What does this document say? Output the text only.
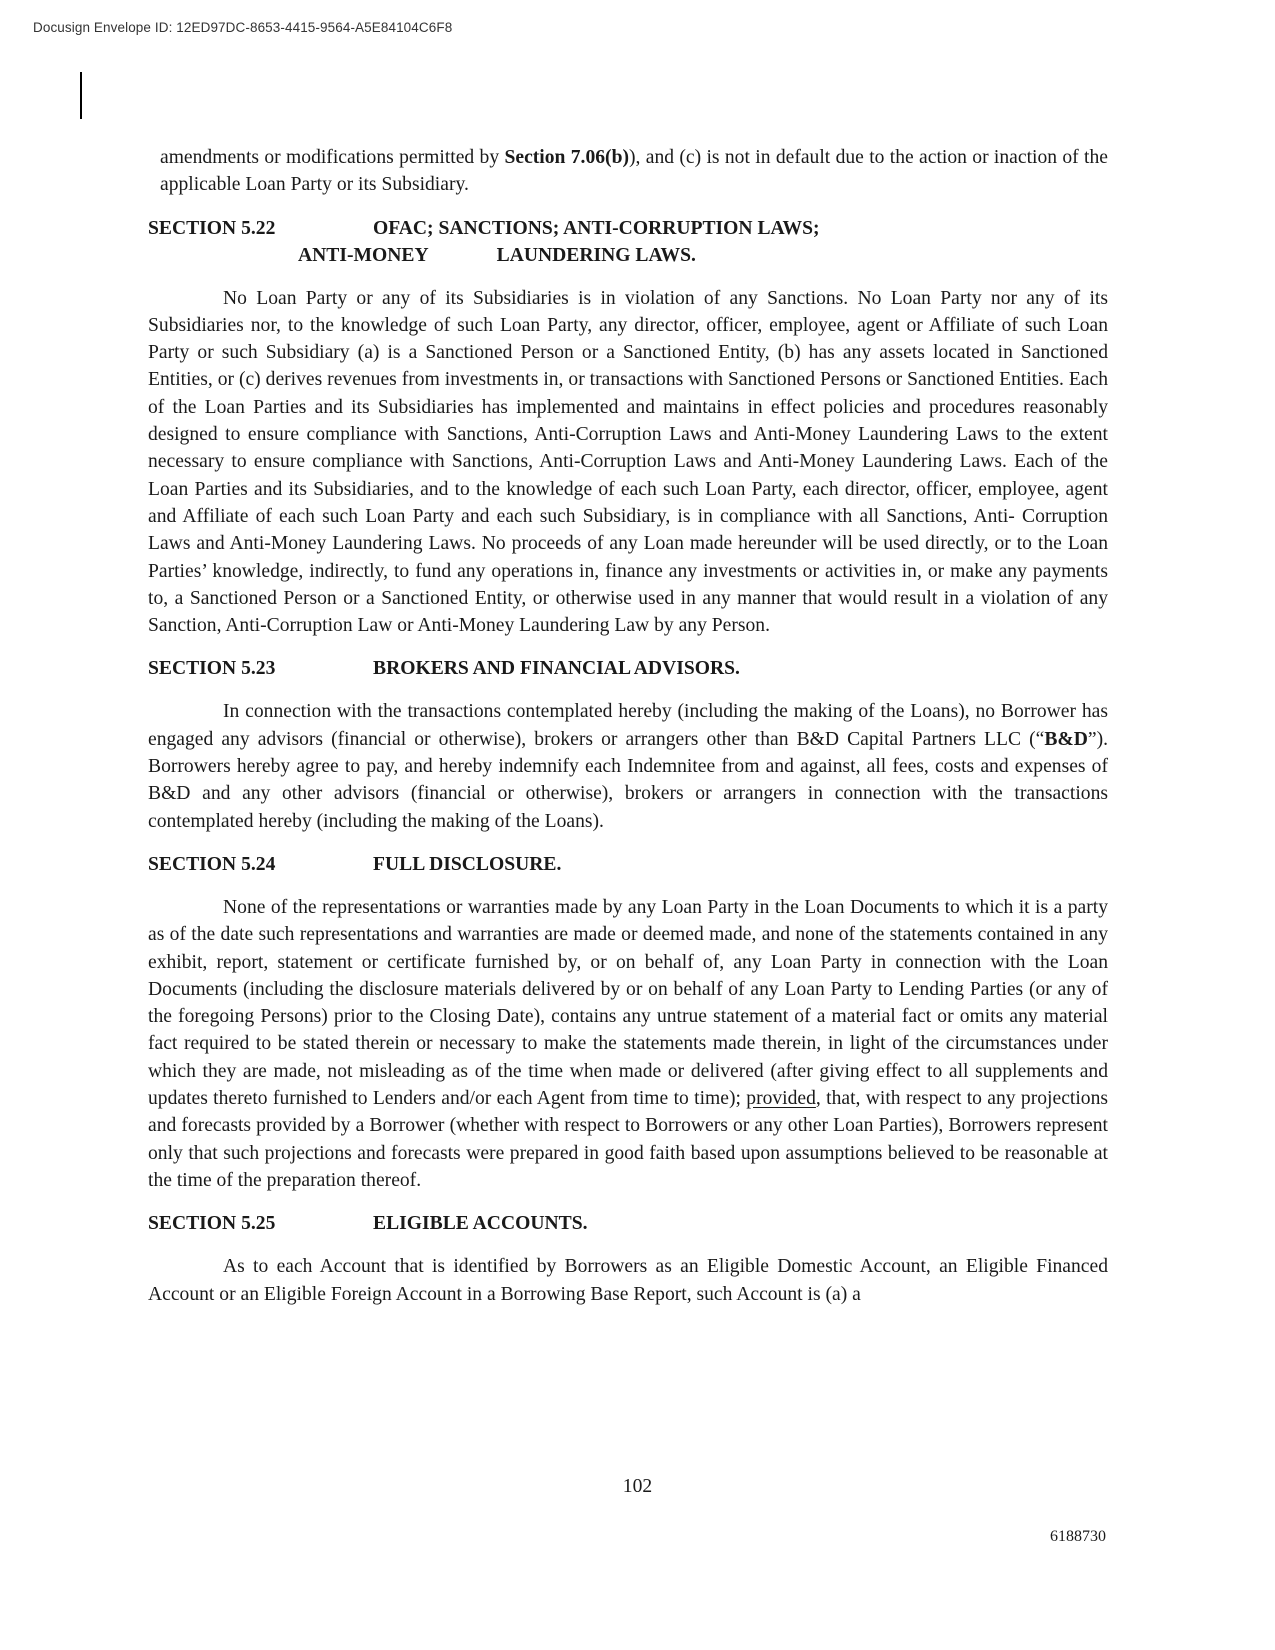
Docusign Envelope ID: 12ED97DC-8653-4415-9564-A5E84104C6F8

amendments or modifications permitted by Section 7.06(b)), and (c) is not in default due to the action or inaction of the applicable Loan Party or its Subsidiary.

SECTION 5.22	OFAC; SANCTIONS; ANTI-CORRUPTION LAWS;
ANTI-MONEY	LAUNDERING LAWS.

No Loan Party or any of its Subsidiaries is in violation of any Sanctions. No Loan Party nor any of its Subsidiaries nor, to the knowledge of such Loan Party, any director, officer, employee, agent or Affiliate of such Loan Party or such Subsidiary (a) is a Sanctioned Person or a Sanctioned Entity, (b) has any assets located in Sanctioned Entities, or (c) derives revenues from investments in, or transactions with Sanctioned Persons or Sanctioned Entities. Each of the Loan Parties and its Subsidiaries has implemented and maintains in effect policies and procedures reasonably designed to ensure compliance with Sanctions, Anti-Corruption Laws and Anti-Money Laundering Laws to the extent necessary to ensure compliance with Sanctions, Anti-Corruption Laws and Anti-Money Laundering Laws. Each of the Loan Parties and its Subsidiaries, and to the knowledge of each such Loan Party, each director, officer, employee, agent and Affiliate of each such Loan Party and each such Subsidiary, is in compliance with all Sanctions, Anti- Corruption Laws and Anti-Money Laundering Laws. No proceeds of any Loan made hereunder will be used directly, or to the Loan Parties’ knowledge, indirectly, to fund any operations in, finance any investments or activities in, or make any payments to, a Sanctioned Person or a Sanctioned Entity, or otherwise used in any manner that would result in a violation of any Sanction, Anti-Corruption Law or Anti-Money Laundering Law by any Person.

SECTION 5.23	BROKERS AND FINANCIAL ADVISORS.

In connection with the transactions contemplated hereby (including the making of the Loans), no Borrower has engaged any advisors (financial or otherwise), brokers or arrangers other than B&D Capital Partners LLC (“B&D”). Borrowers hereby agree to pay, and hereby indemnify each Indemnitee from and against, all fees, costs and expenses of B&D and any other advisors (financial or otherwise), brokers or arrangers in connection with the transactions contemplated hereby (including the making of the Loans).

SECTION 5.24	FULL DISCLOSURE.

None of the representations or warranties made by any Loan Party in the Loan Documents to which it is a party as of the date such representations and warranties are made or deemed made, and none of the statements contained in any exhibit, report, statement or certificate furnished by, or on behalf of, any Loan Party in connection with the Loan Documents (including the disclosure materials delivered by or on behalf of any Loan Party to Lending Parties (or any of the foregoing Persons) prior to the Closing Date), contains any untrue statement of a material fact or omits any material fact required to be stated therein or necessary to make the statements made therein, in light of the circumstances under which they are made, not misleading as of the time when made or delivered (after giving effect to all supplements and updates thereto furnished to Lenders and/or each Agent from time to time); provided, that, with respect to any projections and forecasts provided by a Borrower (whether with respect to Borrowers or any other Loan Parties), Borrowers represent only that such projections and forecasts were prepared in good faith based upon assumptions believed to be reasonable at the time of the preparation thereof.

SECTION 5.25	ELIGIBLE ACCOUNTS.

As to each Account that is identified by Borrowers as an Eligible Domestic Account, an Eligible Financed Account or an Eligible Foreign Account in a Borrowing Base Report, such Account is (a) a

102
6188730
